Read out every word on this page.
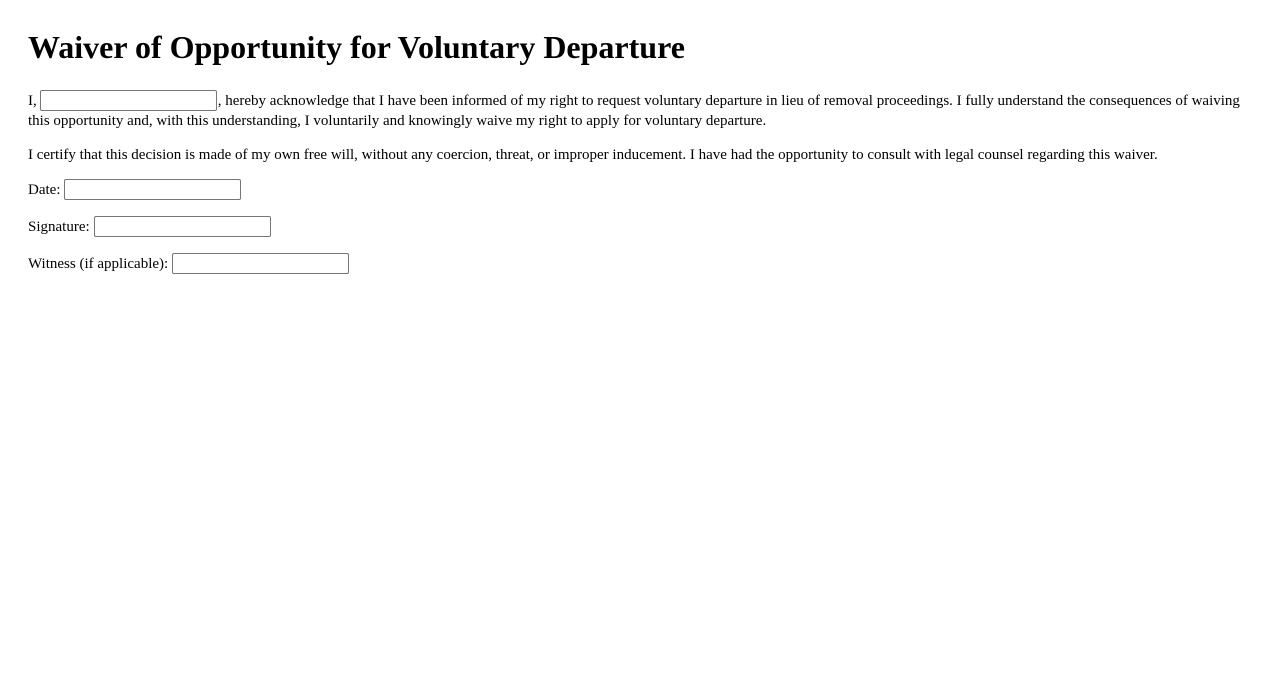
Waiver of Opportunity for Voluntary Departure

I,	, hereby acknowledge that I have been informed of my right to request voluntary departure in lieu of removal proceedings. I fully understand the consequences of waiving this opportunity and, with this understanding, I voluntarily and knowingly waive my right to apply for voluntary departure.

I certify that this decision is made of my own free will, without any coercion, threat, or improper inducement. I have had the opportunity to consult with legal counsel regarding this waiver.

Date:
Signature:
Witness (if applicable):
